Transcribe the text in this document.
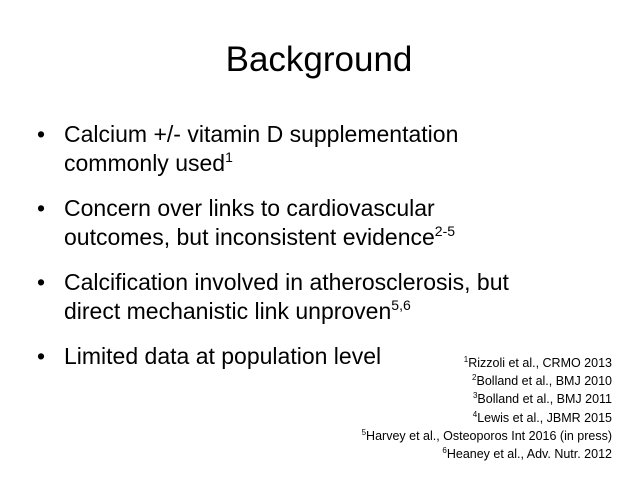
Background
• Calcium +/- vitamin D supplementation
commonly used$^1$
• Concern over links to cardiovascular
outcomes, but inconsistent evidence$^{2-5}$
• Calcification involved in atherosclerosis, but
direct mechanistic link unproven$^{5,6}$
• Limited data at population level	$^1$Rizzoli et al., CRMO 2013
$^2$Bolland et al., BMJ 2010
$^3$Bolland et al., BMJ 2011
$^4$Lewis et al., JBMR 2015
$^5$Harvey et al., Osteoporos Int 2016 (in press)
$^6$Heaney et al., Adv. Nutr. 2012
